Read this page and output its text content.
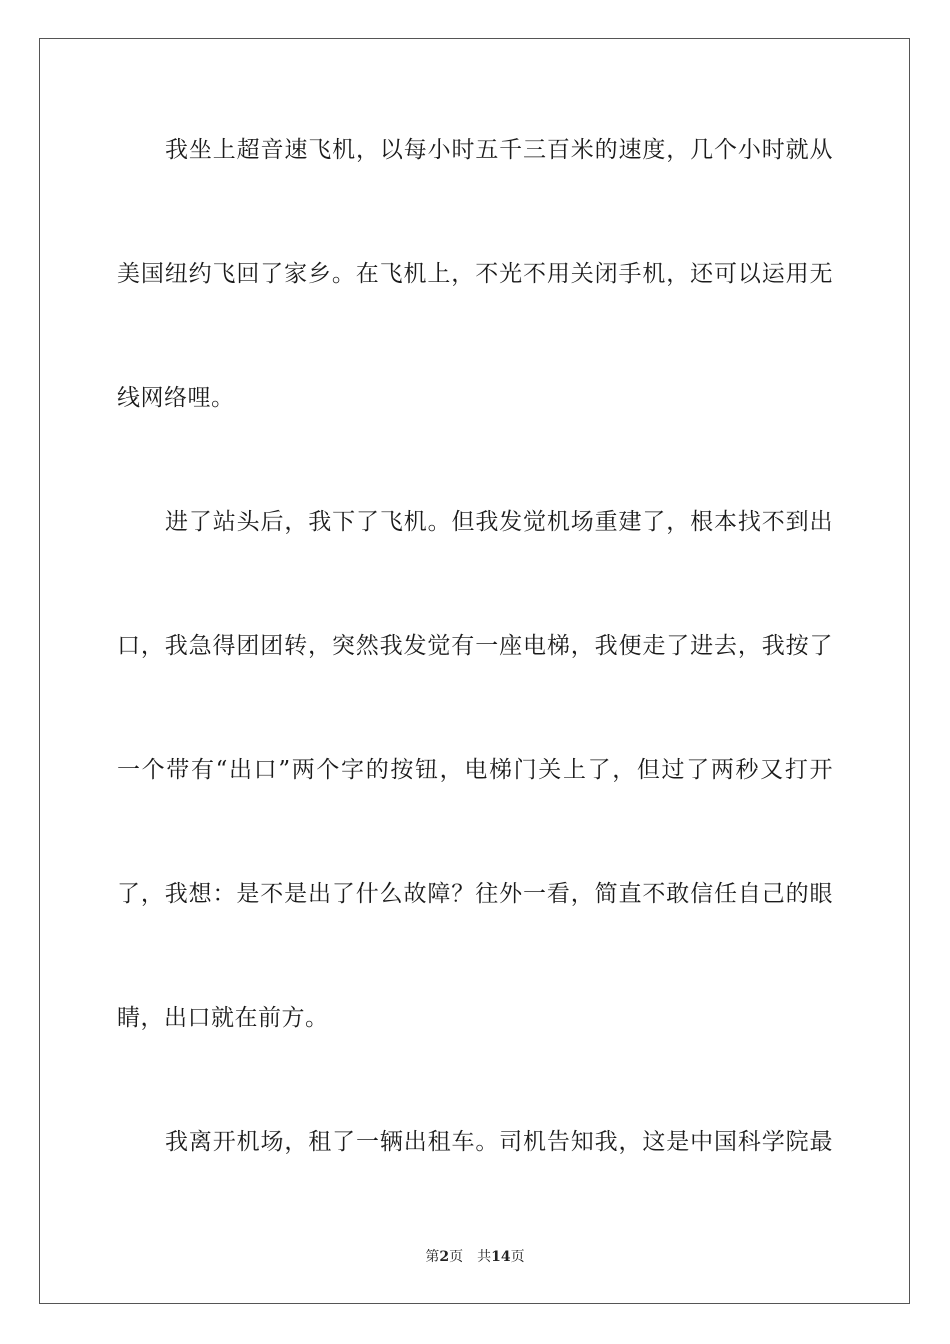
我坐上超音速飞机，以每小时五千三百米的速度，几个小时就从
美国纽约飞回了家乡。在飞机上，不光不用关闭手机，还可以运用无
线网络哩。
进了站头后，我下了飞机。但我发觉机场重建了，根本找不到出
口，我急得团团转，突然我发觉有一座电梯，我便走了进去，我按了
一个带有“出口”两个字的按钮，电梯门关上了，但过了两秒又打开
了，我想：是不是出了什么故障？往外一看，简直不敢信任自己的眼
睛，出口就在前方。
我离开机场，租了一辆出租车。司机告知我，这是中国科学院最
第2页 共14页
